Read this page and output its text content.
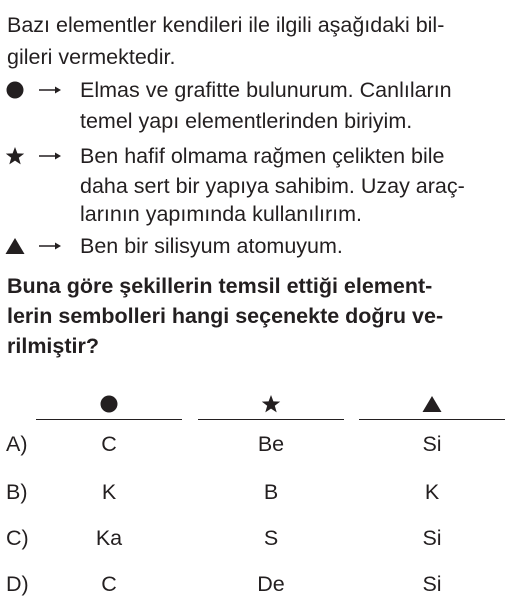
Bazı elementler kendileri ile ilgili aşağıdaki bil-
gileri vermektedir.
Elmas ve grafitte bulunurum. Canlıların
temel yapı elementlerinden biriyim.
Ben hafif olmama rağmen çelikten bile
daha sert bir yapıya sahibim. Uzay araç-
larının yapımında kullanılırım.
Ben bir silisyum atomuyum.
Buna göre şekillerin temsil ettiği element-
lerin sembolleri hangi seçenekte doğru ve-
rilmiştir?
A)	C	Be	Si
B)	K	B	K
C)	Ka	S	Si
D)	C	De	Si
